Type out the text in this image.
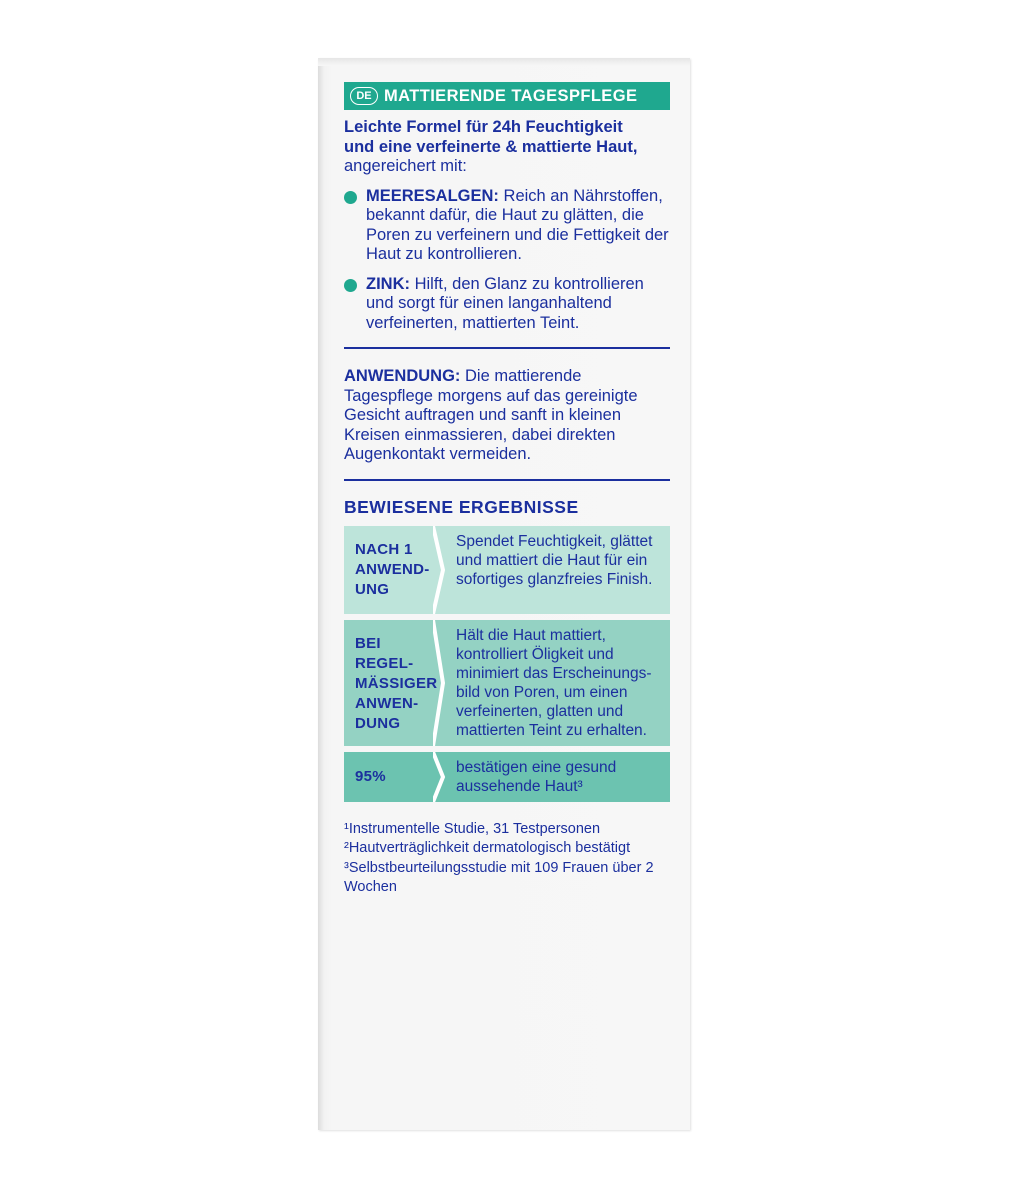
DE MATTIERENDE TAGESPFLEGE
Leichte Formel für 24h Feuchtigkeit
und eine verfeinerte & mattierte Haut,
angereichert mit:
MEERESALGEN: Reich an Nährstoffen, bekannt dafür, die Haut zu glätten, die Poren zu verfeinern und die Fettigkeit der Haut zu kontrollieren.
ZINK: Hilft, den Glanz zu kontrollieren und sorgt für einen langanhaltend verfeinerten, mattierten Teint.
ANWENDUNG: Die mattierende Tagespflege morgens auf das gereinigte Gesicht auftragen und sanft in kleinen Kreisen einmassieren, dabei direkten Augenkontakt vermeiden.
BEWIESENE ERGEBNISSE
NACH 1
ANWEND-
UNG
Spendet Feuchtigkeit, glättet und mattiert die Haut für ein sofortiges glanzfreies Finish.
BEI
REGEL-
MÄSSIGER
ANWEN-
DUNG
Hält die Haut mattiert, kontrolliert Öligkeit und minimiert das Erscheinungs-bild von Poren, um einen verfeinerten, glatten und mattierten Teint zu erhalten.
95%
bestätigen eine gesund aussehende Haut³
¹Instrumentelle Studie, 31 Testpersonen
²Hautverträglichkeit dermatologisch bestätigt
³Selbstbeurteilungsstudie mit 109 Frauen über 2 Wochen
